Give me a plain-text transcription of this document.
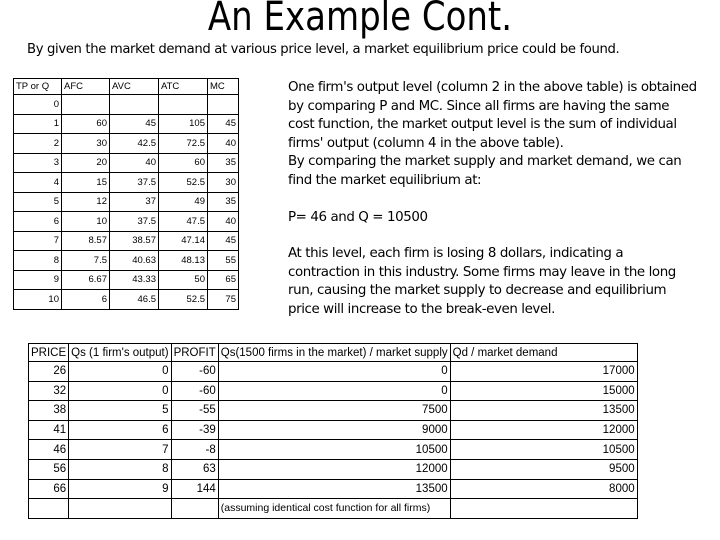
An Example Cont.
By given the market demand at various price level, a market equilibrium price could be found.
TP or Q	AFC	AVC	ATC	MC
0				
1	60	45	105	45
2	30	42.5	72.5	40
3	20	40	60	35
4	15	37.5	52.5	30
5	12	37	49	35
6	10	37.5	47.5	40
7	8.57	38.57	47.14	45
8	7.5	40.63	48.13	55
9	6.67	43.33	50	65
10	6	46.5	52.5	75
PRICE	Qs (1 firm's output)	PROFIT	Qs(1500 firms in the market) / market supply	Qd / market demand
26	0	-60	0	17000
32	0	-60	0	15000
38	5	-55	7500	13500
41	6	-39	9000	12000
46	7	-8	10500	10500
56	8	63	12000	9500
66	9	144	13500	8000
			(assuming identical cost function for all firms)	

One firm's output level (column 2 in the above table) is obtained by comparing P and MC. Since all firms are having the same cost function, the market output level is the sum of individual firms' output (column 4 in the above table).

By comparing the market supply and market demand, we can find the market equilibrium at:

P= 46 and Q = 10500

At this level, each firm is losing 8 dollars, indicating a contraction in this industry. Some firms may leave in the long run, causing the market supply to decrease and equilibrium price will increase to the break-even level.
